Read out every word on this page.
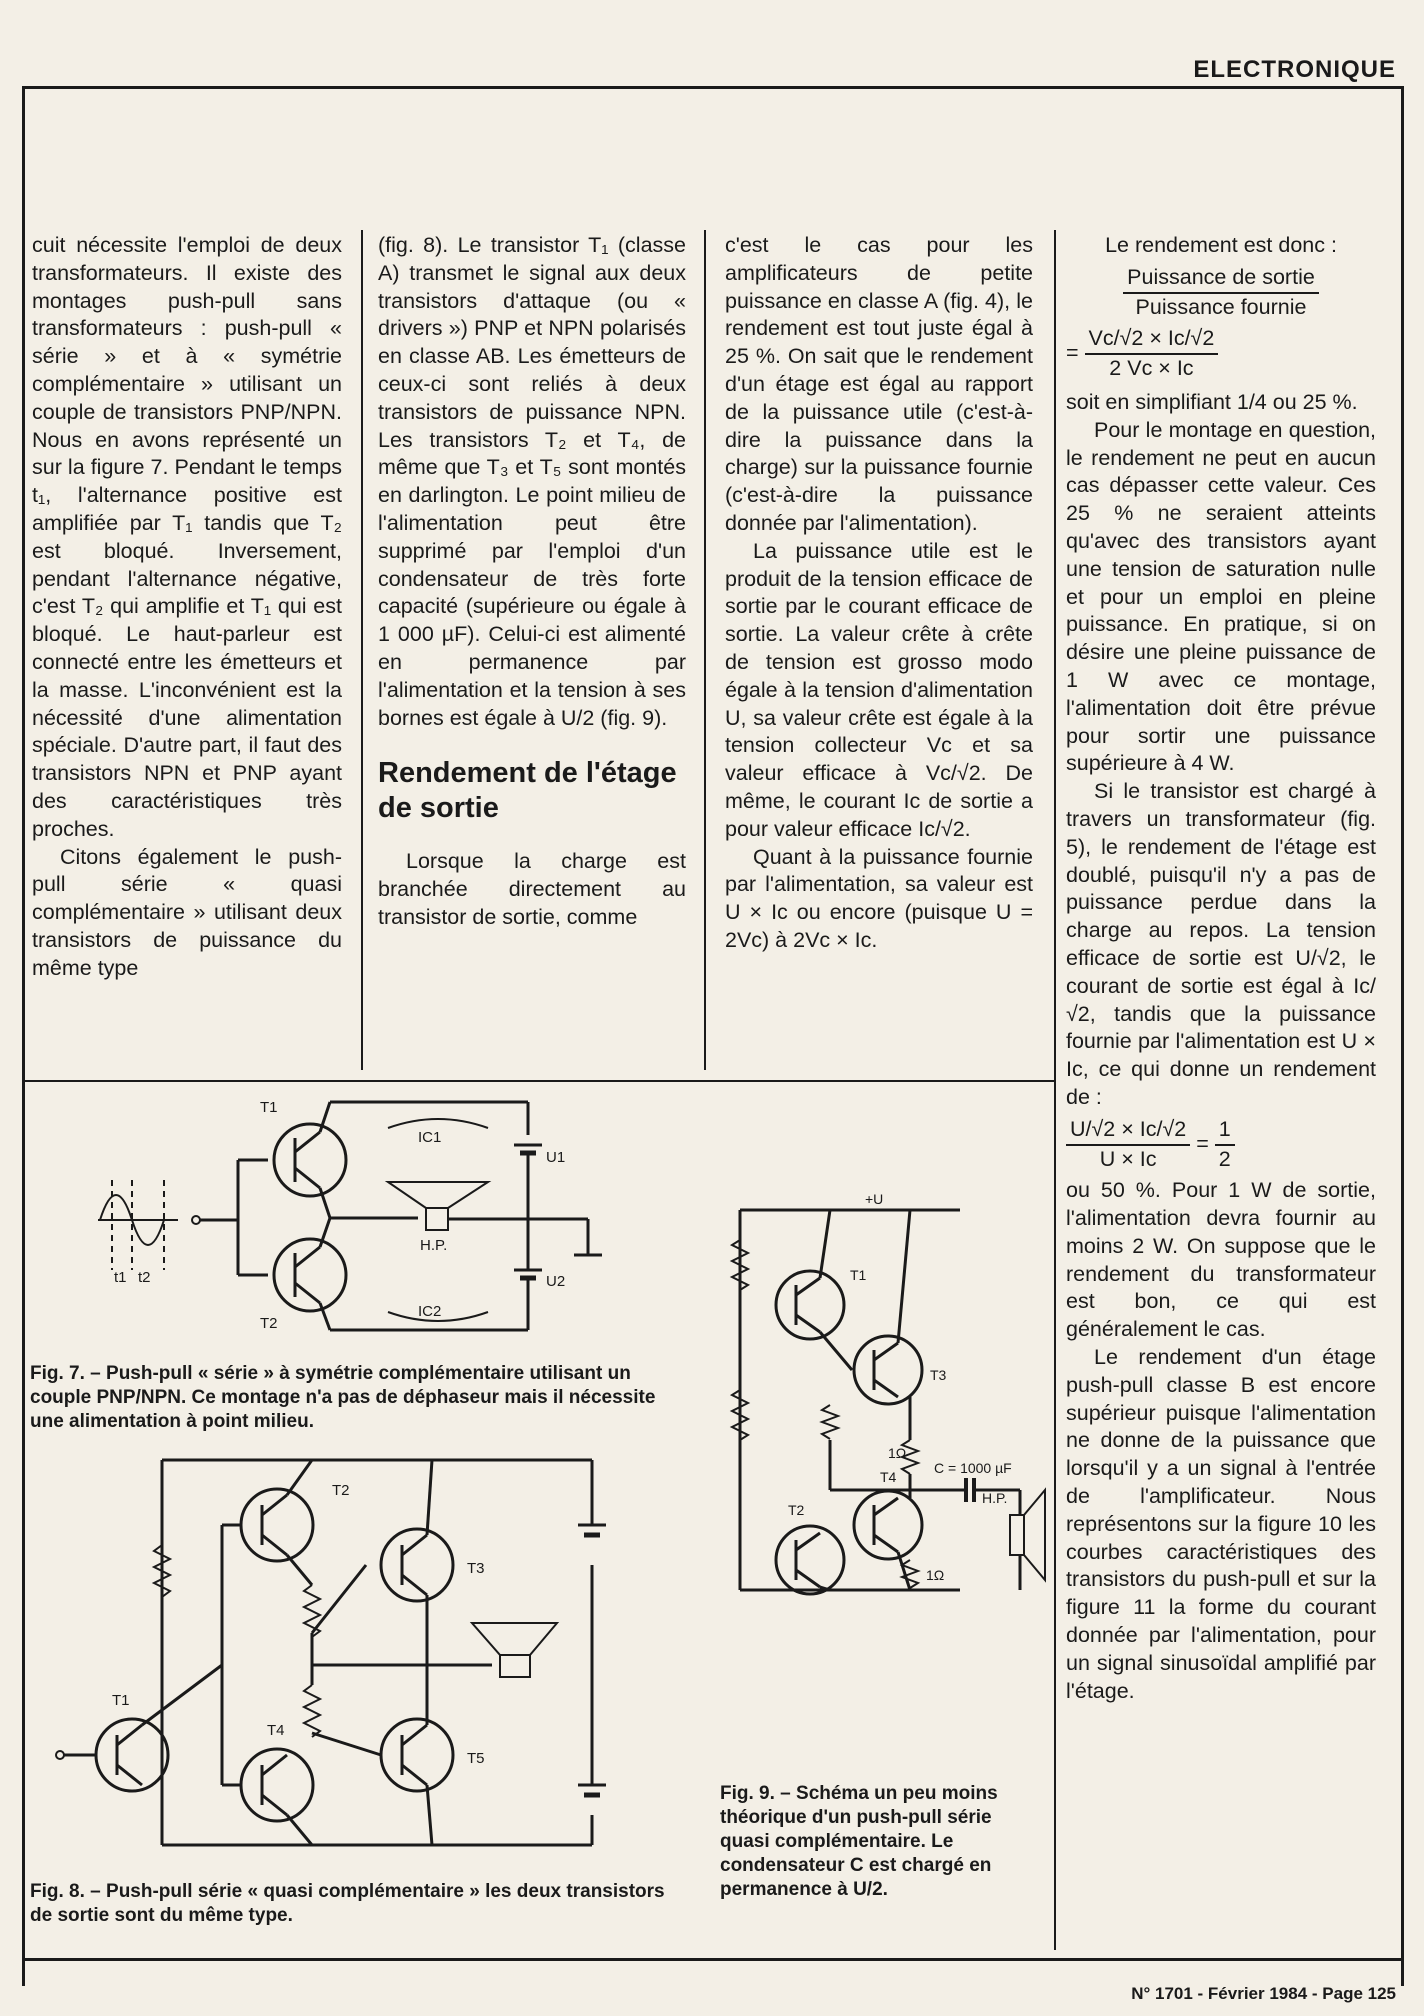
ELECTRONIQUE

cuit nécessite l'emploi de deux transformateurs. Il existe des montages push-pull sans transformateurs : push-pull « série » et à « symétrie complémentaire » utilisant un couple de transistors PNP/NPN. Nous en avons représenté un sur la figure 7. Pendant le temps t₁, l'alternance positive est amplifiée par T₁ tandis que T₂ est bloqué. Inversement, pendant l'alternance négative, c'est T₂ qui amplifie et T₁ qui est bloqué. Le haut-parleur est connecté entre les émetteurs et la masse. L'inconvénient est la nécessité d'une alimentation spéciale. D'autre part, il faut des transistors NPN et PNP ayant des caractéristiques très proches.

Citons également le push-pull série « quasi complémentaire » utilisant deux transistors de puissance du même type

(fig. 8). Le transistor T₁ (classe A) transmet le signal aux deux transistors d'attaque (ou « drivers ») PNP et NPN polarisés en classe AB. Les émetteurs de ceux-ci sont reliés à deux transistors de puissance NPN. Les transistors T₂ et T₄, de même que T₃ et T₅ sont montés en darlington. Le point milieu de l'alimentation peut être supprimé par l'emploi d'un condensateur de très forte capacité (supérieure ou égale à 1 000 µF). Celui-ci est alimenté en permanence par l'alimentation et la tension à ses bornes est égale à U/2 (fig. 9).

Rendement de l'étage de sortie

Lorsque la charge est branchée directement au transistor de sortie, comme

c'est le cas pour les amplificateurs de petite puissance en classe A (fig. 4), le rendement est tout juste égal à 25 %. On sait que le rendement d'un étage est égal au rapport de la puissance utile (c'est-à-dire la puissance dans la charge) sur la puissance fournie (c'est-à-dire la puissance donnée par l'alimentation).

La puissance utile est le produit de la tension efficace de sortie par le courant efficace de sortie. La valeur crête à crête de tension est grosso modo égale à la tension d'alimentation U, sa valeur crête est égale à la tension collecteur Vc et sa valeur efficace à Vc/√2. De même, le courant Ic de sortie a pour valeur efficace Ic/√2.

Quant à la puissance fournie par l'alimentation, sa valeur est U × Ic ou encore (puisque U = 2Vc) à 2Vc × Ic.

Le rendement est donc :
$\frac{\text{Puissance de sortie}}{\text{Puissance fournie}}$
= $\frac{Vc/√2 \times Ic/√2}{2 Vc \times Ic}$

soit en simplifiant 1/4 ou 25 %.

Pour le montage en question, le rendement ne peut en aucun cas dépasser cette valeur. Ces 25 % ne seraient atteints qu'avec des transistors ayant une tension de saturation nulle et pour un emploi en pleine puissance. En pratique, si on désire une pleine puissance de 1 W avec ce montage, l'alimentation doit être prévue pour sortir une puissance supérieure à 4 W.

Si le transistor est chargé à travers un transformateur (fig. 5), le rendement de l'étage est doublé, puisqu'il n'y a pas de puissance perdue dans la charge au repos. La tension efficace de sortie est U/√2, le courant de sortie est égal à Ic/√2, tandis que la puissance fournie par l'alimentation est U × Ic, ce qui donne un rendement de :

$\frac{U/√2 \times Ic/√2}{U \times Ic} = \frac{1}{2}$

ou 50 %. Pour 1 W de sortie, l'alimentation devra fournir au moins 2 W. On suppose que le rendement du transformateur est bon, ce qui est généralement le cas.

Le rendement d'un étage push-pull classe B est encore supérieur puisque l'alimentation ne donne de la puissance que lorsqu'il y a un signal à l'entrée de l'amplificateur. Nous représentons sur la figure 10 les courbes caractéristiques des transistors du push-pull et sur la figure 11 la forme du courant donnée par l'alimentation, pour un signal sinusoïdal amplifié par l'étage.

T1
T2
IC1
IC2
U1
U2
H.P.
t1 t2
Fig. 7. – Push-pull « série » à symétrie complémentaire utilisant un couple PNP/NPN. Ce montage n'a pas de déphaseur mais il nécessite une alimentation à point milieu.
T1
T2
T3
T4
T5
Fig. 8. – Push-pull série « quasi complémentaire » les deux transistors de sortie sont du même type.
+U
T1
T2
T3
T4
1Ω
1Ω
C = 1000 µF
H.P.
Fig. 9. – Schéma un peu moins théorique d'un push-pull série quasi complémentaire. Le condensateur C est chargé en permanence à U/2.
N° 1701 - Février 1984 - Page 125
